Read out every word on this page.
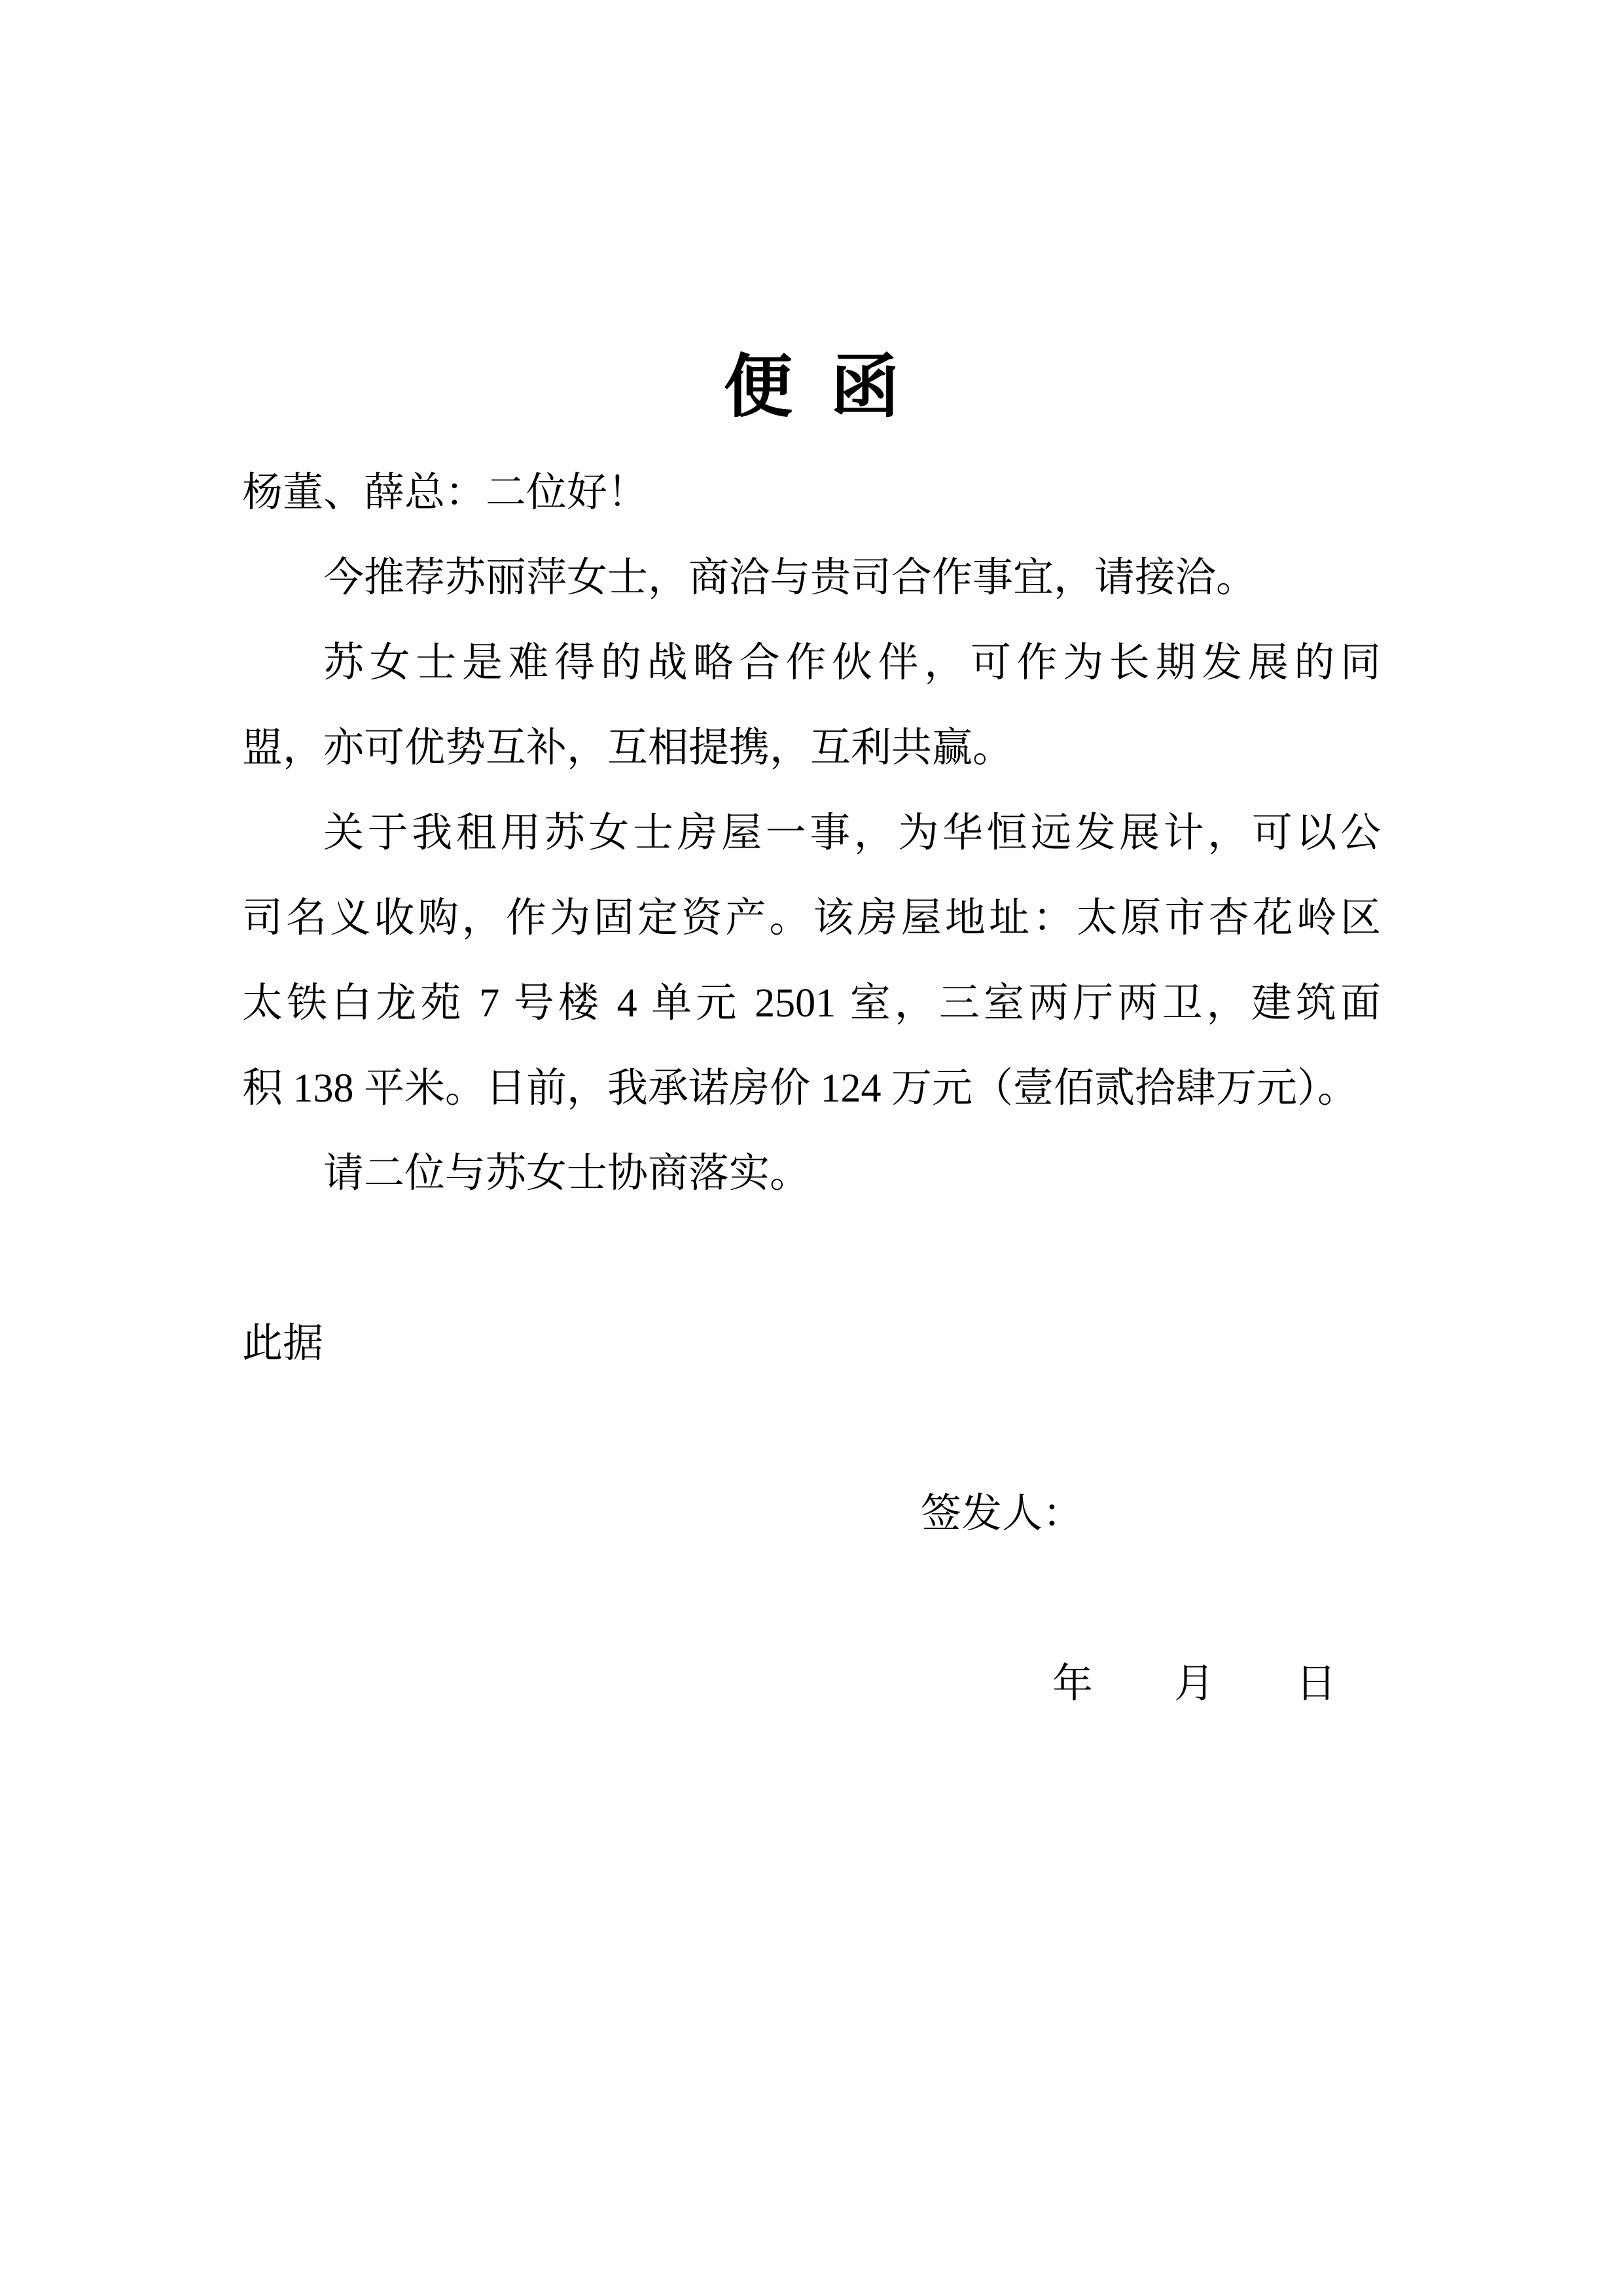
便  函
杨董、薛总：二位好！
今推荐苏丽萍女士，商洽与贵司合作事宜，请接洽。
苏女士是难得的战略合作伙伴，可作为长期发展的同
盟，亦可优势互补，互相提携，互利共赢。
关于我租用苏女士房屋一事，为华恒远发展计，可以公
司名义收购，作为固定资产。该房屋地址：太原市杏花岭区
太铁白龙苑 7 号楼 4 单元 2501 室，三室两厅两卫，建筑面
积 138 平米。日前，我承诺房价 124 万元（壹佰贰拾肆万元）。
请二位与苏女士协商落实。
此据
签发人：
年　　月　　日
